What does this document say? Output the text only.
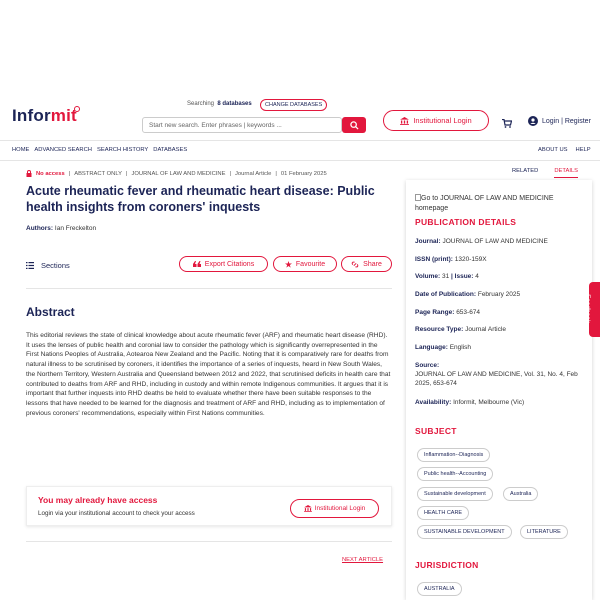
Informit
Searching 8 databases	CHANGE DATABASES
Start new search. Enter phrases | keywords ...
Institutional Login	Login | Register
HOME ADVANCED SEARCH SEARCH HISTORY DATABASES	ABOUT US HELP
No access | ABSTRACT ONLY | JOURNAL OF LAW AND MEDICINE | Journal Article | 01 February 2025	RELATED	DETAILS
Acute rheumatic fever and rheumatic heart disease: Public health insights from coroners' inquests
Authors: Ian Freckelton
Sections	Export Citations	Favourite	Share
Abstract
This editorial reviews the state of clinical knowledge about acute rheumatic fever (ARF) and rheumatic heart disease (RHD). It uses the lenses of public health and coronial law to consider the pathology which is significantly overrepresented in the First Nations Peoples of Australia, Aotearoa New Zealand and the Pacific. Noting that it is comparatively rare for deaths from natural illness to be scrutinised by coroners, it identifies the importance of a series of inquests, heard in New South Wales, the Northern Territory, Western Australia and Queensland between 2012 and 2022, that scrutinised deficits in health care that contributed to deaths from ARF and RHD, including in custody and within remote Indigenous communities. It argues that it is important that further inquests into RHD deaths be held to evaluate whether there have been suitable responses to the lessons that have needed to be learned for the diagnosis and treatment of ARF and RHD, including as to implementation of previous coroners' recommendations, especially within First Nations communities.
You may already have access
Login via your institutional account to check your access
Institutional Login
NEXT ARTICLE
Go to JOURNAL OF LAW AND MEDICINE homepage
PUBLICATION DETAILS
Journal: JOURNAL OF LAW AND MEDICINE
ISSN (print): 1320-159X
Volume: 31 | Issue: 4
Date of Publication: February 2025
Page Range: 653-674
Resource Type: Journal Article
Language: English
Source:
JOURNAL OF LAW AND MEDICINE, Vol. 31, No. 4, Feb 2025, 653-674
Availability: Informit, Melbourne (Vic)
SUBJECT
Inflammation--Diagnosis
Public health--Accounting
Sustainable development	Australia
HEALTH CARE
SUSTAINABLE DEVELOPMENT	LITERATURE
JURISDICTION
AUSTRALIA
Feedback
